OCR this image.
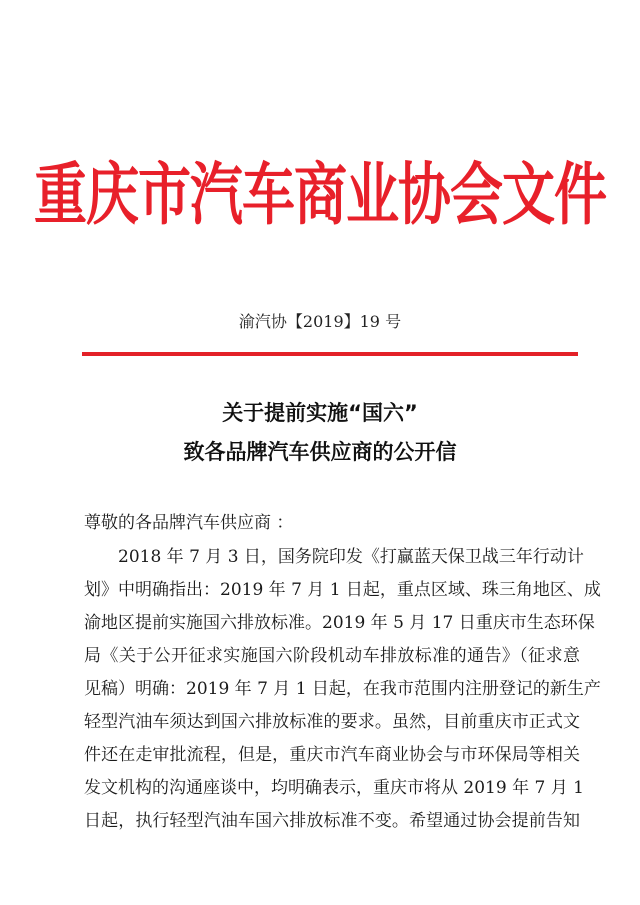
重庆市汽车商业协会文件
渝汽协【2019】19 号
关于提前实施“国六”
致各品牌汽车供应商的公开信
尊敬的各品牌汽车供应商 ：
2018 年 7 月 3 日，国务院印发《打赢蓝天保卫战三年行动计
划》中明确指出：2019 年 7 月 1 日起，重点区域、珠三角地区、成
渝地区提前实施国六排放标准。2019 年 5 月 17 日重庆市生态环保
局《关于公开征求实施国六阶段机动车排放标准的通告》（征求意
见稿）明确：2019 年 7 月 1 日起，在我市范围内注册登记的新生产
轻型汽油车须达到国六排放标准的要求。虽然，目前重庆市正式文
件还在走审批流程，但是，重庆市汽车商业协会与市环保局等相关
发文机构的沟通座谈中，均明确表示，重庆市将从 2019 年 7 月 1
日起，执行轻型汽油车国六排放标准不变。希望通过协会提前告知
